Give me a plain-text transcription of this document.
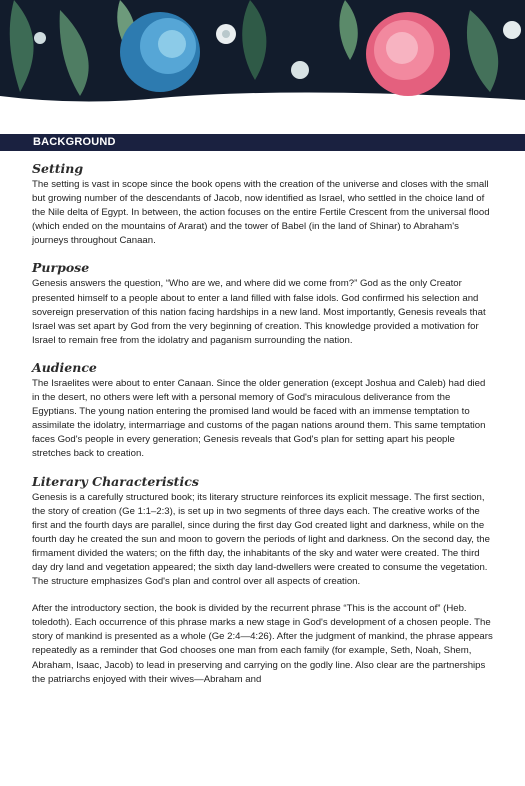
BACKGROUND
Setting

The setting is vast in scope since the book opens with the creation of the universe and closes with the small but growing number of the descendants of Jacob, now identified as Israel, who settled in the choice land of the Nile delta of Egypt. In between, the action focuses on the entire Fertile Crescent from the universal flood (which ended on the mountains of Ararat) and the tower of Babel (in the land of Shinar) to Abraham's journeys throughout Canaan.

Purpose

Genesis answers the question, “Who are we, and where did we come from?” God as the only Creator presented himself to a people about to enter a land filled with false idols. God confirmed his selection and sovereign preservation of this nation facing hardships in a new land. Most importantly, Genesis reveals that Israel was set apart by God from the very beginning of creation. This knowledge provided a motivation for Israel to remain free from the idolatry and paganism surrounding the nation.

Audience

The Israelites were about to enter Canaan. Since the older generation (except Joshua and Caleb) had died in the desert, no others were left with a personal memory of God's miraculous deliverance from the Egyptians. The young nation entering the promised land would be faced with an immense temptation to assimilate the idolatry, intermarriage and customs of the pagan nations around them. This same temptation faces God's people in every generation; Genesis reveals that God's plan for setting apart his people stretches back to creation.

Literary Characteristics

Genesis is a carefully structured book; its literary structure reinforces its explicit message. The first section, the story of creation (Ge 1:1–2:3), is set up in two segments of three days each. The creative works of the first and the fourth days are parallel, since during the first day God created light and darkness, while on the fourth day he created the sun and moon to govern the periods of light and darkness. On the second day, the firmament divided the waters; on the fifth day, the inhabitants of the sky and water were created. The third day dry land and vegetation appeared; the sixth day land-dwellers were created to consume the vegetation. The structure emphasizes God's plan and control over all aspects of creation.

After the introductory section, the book is divided by the recurrent phrase “This is the account of” (Heb. toledoth). Each occurrence of this phrase marks a new stage in God's development of a chosen people. The story of mankind is presented as a whole (Ge 2:4—4:26). After the judgment of mankind, the phrase appears repeatedly as a reminder that God chooses one man from each family (for example, Seth, Noah, Shem, Abraham, Isaac, Jacob) to lead in preserving and carrying on the godly line. Also clear are the partnerships the patriarchs enjoyed with their wives—Abraham and
